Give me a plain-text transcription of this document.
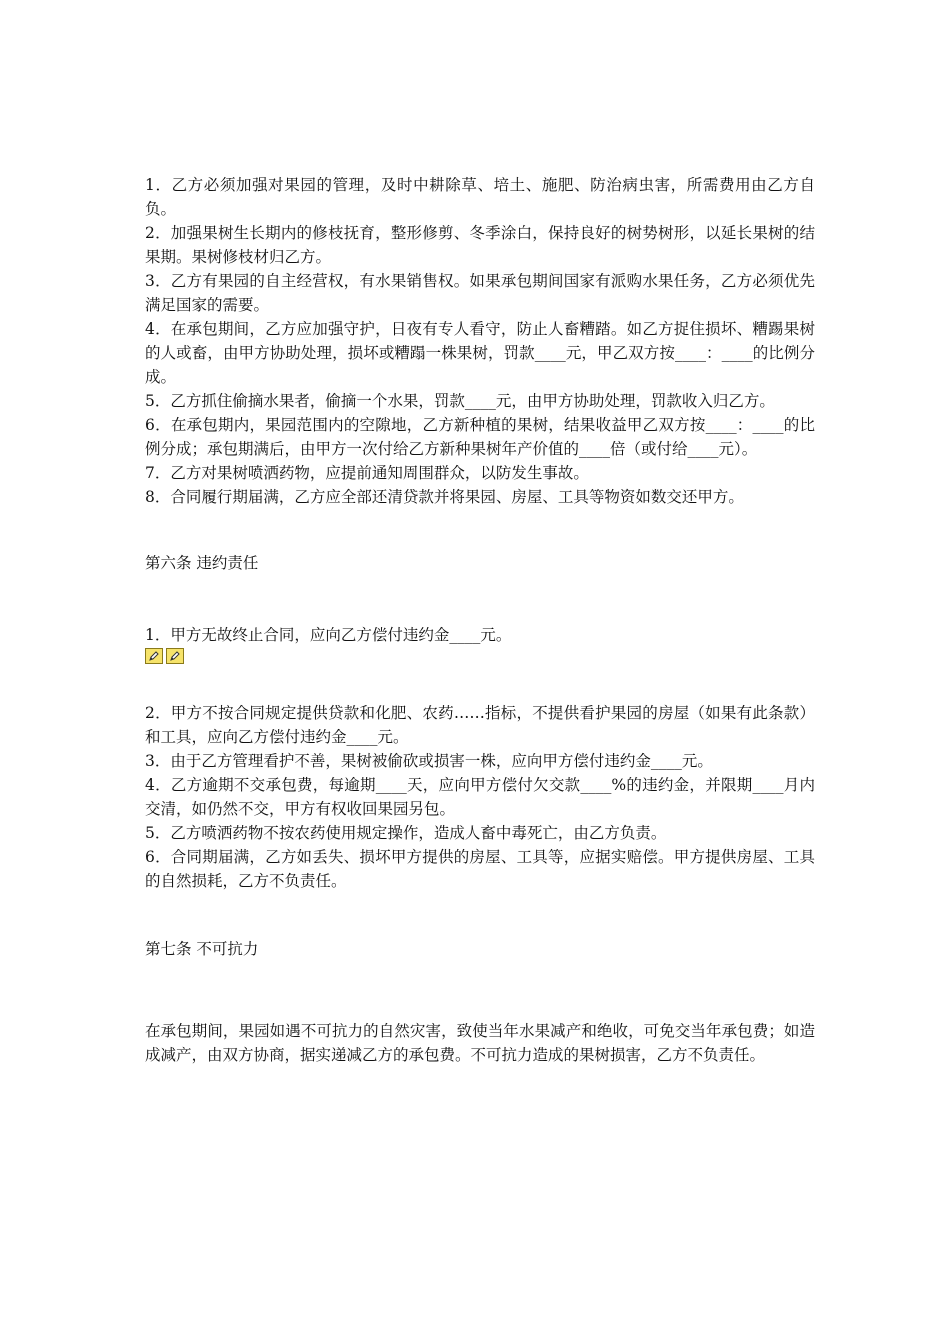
1．乙方必须加强对果园的管理，及时中耕除草、培土、施肥、防治病虫害，所需费用由乙方自负。

2．加强果树生长期内的修枝抚育，整形修剪、冬季涂白，保持良好的树势树形，以延长果树的结果期。果树修枝材归乙方。

3．乙方有果园的自主经营权，有水果销售权。如果承包期间国家有派购水果任务，乙方必须优先满足国家的需要。

4．在承包期间，乙方应加强守护，日夜有专人看守，防止人畜糟踏。如乙方捉住损坏、糟踢果树的人或畜，由甲方协助处理，损坏或糟蹋一株果树，罚款____元，甲乙双方按____：____的比例分成。

5．乙方抓住偷摘水果者，偷摘一个水果，罚款____元，由甲方协助处理，罚款收入归乙方。

6．在承包期内，果园范围内的空隙地，乙方新种植的果树，结果收益甲乙双方按____：____的比例分成；承包期满后，由甲方一次付给乙方新种果树年产价值的____倍（或付给____元）。

7．乙方对果树喷洒药物，应提前通知周围群众，以防发生事故。

8．合同履行期届满，乙方应全部还清贷款并将果园、房屋、工具等物资如数交还甲方。

第六条 违约责任

1．甲方无故终止合同，应向乙方偿付违约金____元。

2．甲方不按合同规定提供贷款和化肥、农药……指标，不提供看护果园的房屋（如果有此条款）和工具，应向乙方偿付违约金____元。

3．由于乙方管理看护不善，果树被偷砍或损害一株，应向甲方偿付违约金____元。

4．乙方逾期不交承包费，每逾期____天，应向甲方偿付欠交款____%的违约金，并限期____月内交清，如仍然不交，甲方有权收回果园另包。

5．乙方喷洒药物不按农药使用规定操作，造成人畜中毒死亡，由乙方负责。

6．合同期届满，乙方如丢失、损坏甲方提供的房屋、工具等，应据实赔偿。甲方提供房屋、工具的自然损耗，乙方不负责任。

第七条 不可抗力

在承包期间，果园如遇不可抗力的自然灾害，致使当年水果减产和绝收，可免交当年承包费；如造成减产，由双方协商，据实递减乙方的承包费。不可抗力造成的果树损害，乙方不负责任。
